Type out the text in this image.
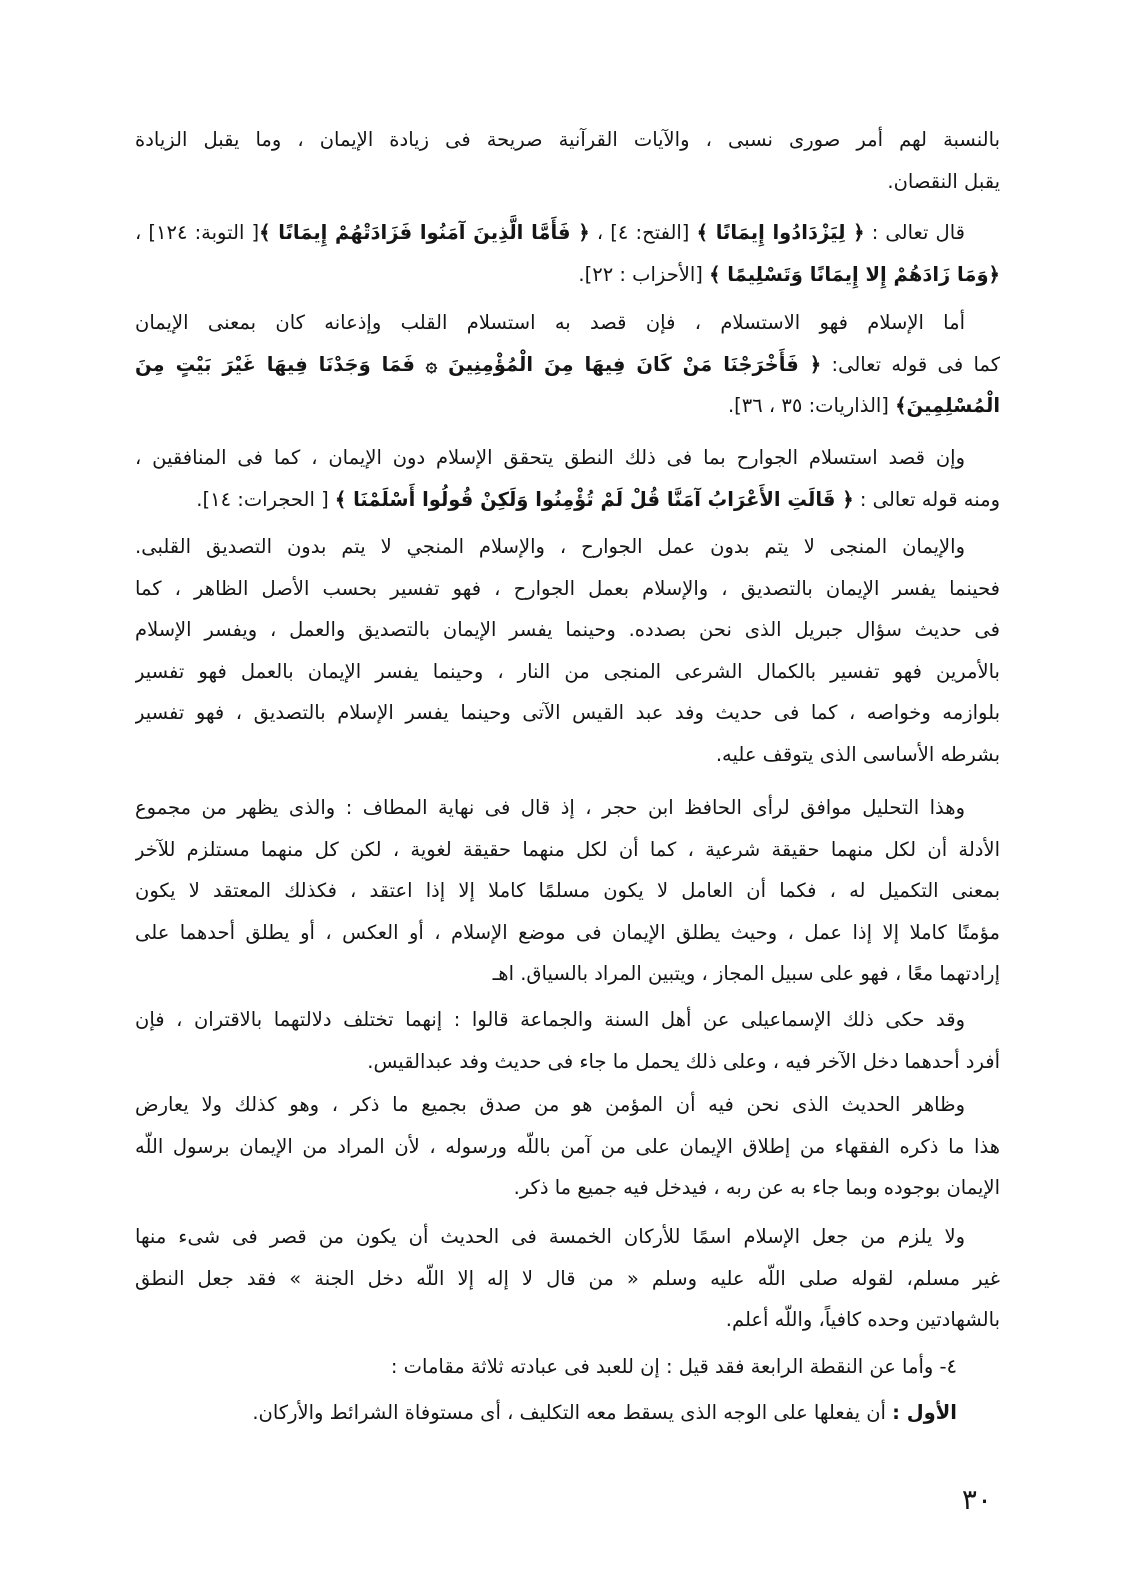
بالنسبة لهم أمر صورى نسبى ، والآيات القرآنية صريحة فى زيادة الإيمان ، وما يقبل الزيادة
يقبل النقصان.
قال تعالى : ﴿ لِيَزْدَادُوا إِيمَانًا ﴾ [الفتح: ٤] ، ﴿ فَأَمَّا الَّذِينَ آمَنُوا فَزَادَتْهُمْ إِيمَانًا ﴾[ التوبة: ١٢٤] ،
﴿وَمَا زَادَهُمْ إِلا إِيمَانًا وَتَسْلِيمًا ﴾ [الأحزاب : ٢٢].
أما الإسلام فهو الاستسلام ، فإن قصد به استسلام القلب وإذعانه كان بمعنى الإيمان
كما فى قوله تعالى: ﴿ فَأَخْرَجْنَا مَنْ كَانَ فِيهَا مِنَ الْمُؤْمِنِينَ ۞ فَمَا وَجَدْنَا فِيهَا غَيْرَ بَيْتٍ مِنَ
الْمُسْلِمِينَ﴾ [الذاريات: ٣٥ ، ٣٦].
وإن قصد استسلام الجوارح بما فى ذلك النطق يتحقق الإسلام دون الإيمان ، كما فى المنافقين ،
ومنه قوله تعالى : ﴿ قَالَتِ الأَعْرَابُ آمَنَّا قُلْ لَمْ تُؤْمِنُوا وَلَكِنْ قُولُوا أَسْلَمْنَا ﴾ [ الحجرات: ١٤].
والإيمان المنجى لا يتم بدون عمل الجوارح ، والإسلام المنجي لا يتم بدون التصديق القلبى.
فحينما يفسر الإيمان بالتصديق ، والإسلام بعمل الجوارح ، فهو تفسير بحسب الأصل الظاهر ، كما
فى حديث سؤال جبريل الذى نحن بصدده. وحينما يفسر الإيمان بالتصديق والعمل ، ويفسر الإسلام
بالأمرين فهو تفسير بالكمال الشرعى المنجى من النار ، وحينما يفسر الإيمان بالعمل فهو تفسير
بلوازمه وخواصه ، كما فى حديث وفد عبد القيس الآتى وحينما يفسر الإسلام بالتصديق ، فهو تفسير
بشرطه الأساسى الذى يتوقف عليه.
وهذا التحليل موافق لرأى الحافظ ابن حجر ، إذ قال فى نهاية المطاف : والذى يظهر من مجموع
الأدلة أن لكل منهما حقيقة شرعية ، كما أن لكل منهما حقيقة لغوية ، لكن كل منهما مستلزم للآخر
بمعنى التكميل له ، فكما أن العامل لا يكون مسلمًا كاملا إلا إذا اعتقد ، فكذلك المعتقد لا يكون
مؤمنًا كاملا إلا إذا عمل ، وحيث يطلق الإيمان فى موضع الإسلام ، أو العكس ، أو يطلق أحدهما على
إرادتهما معًا ، فهو على سبيل المجاز ، ويتبين المراد بالسياق. اهـ
وقد حكى ذلك الإسماعيلى عن أهل السنة والجماعة قالوا : إنهما تختلف دلالتهما بالاقتران ، فإن
أفرد أحدهما دخل الآخر فيه ، وعلى ذلك يحمل ما جاء فى حديث وفد عبدالقيس.
وظاهر الحديث الذى نحن فيه أن المؤمن هو من صدق بجميع ما ذكر ، وهو كذلك ولا يعارض
هذا ما ذكره الفقهاء من إطلاق الإيمان على من آمن باللّه ورسوله ، لأن المراد من الإيمان برسول اللّه
الإيمان بوجوده وبما جاء به عن ربه ، فيدخل فيه جميع ما ذكر.
ولا يلزم من جعل الإسلام اسمًا للأركان الخمسة فى الحديث أن يكون من قصر فى شىء منها
غير مسلم، لقوله صلى اللّه عليه وسلم « من قال لا إله إلا اللّه دخل الجنة » فقد جعل النطق
بالشهادتين وحده كافياً، واللّه أعلم.
٤- وأما عن النقطة الرابعة فقد قيل : إن للعبد فى عبادته ثلاثة مقامات :
الأول : أن يفعلها على الوجه الذى يسقط معه التكليف ، أى مستوفاة الشرائط والأركان.
٣٠
